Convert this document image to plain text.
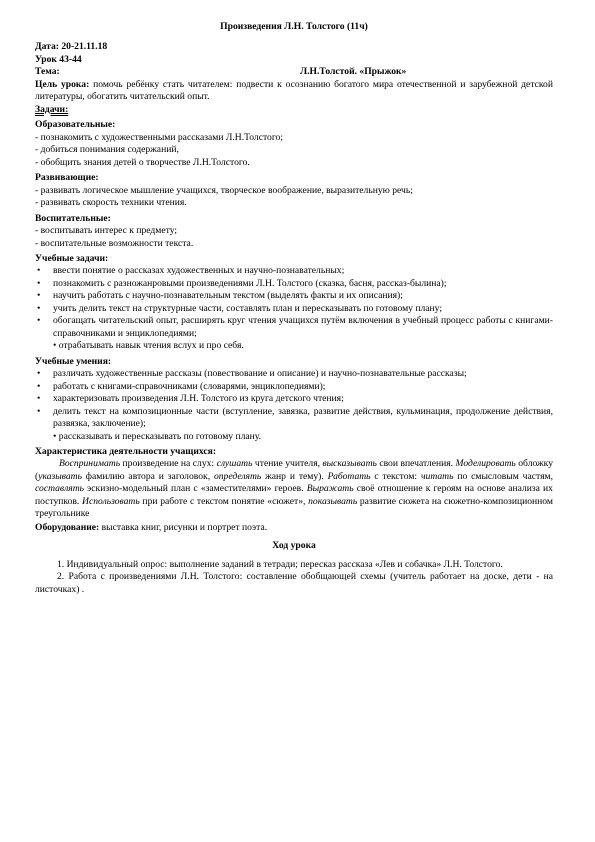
Произведения Л.Н. Толстого (11ч)

Дата: 20-21.11.18

Урок 43-44

Тема:	Л.Н.Толстой. «Прыжок»

Цель урока: помочь ребёнку стать читателем: подвести к осознанию богатого мира отечественной и зарубежной детской литературы, обогатить читательский опыт.

Задачи:

Образовательные:

- познакомить с художественными рассказами Л.Н.Толстого;

- добиться понимания содержаний,

- обобщить знания детей о творчестве Л.Н.Толстого.

Развивающие:

- развивать логическое мышление учащихся, творческое воображение, выразительную речь;

- развивать скорость техники чтения.

Воспитательные:

- воспитывать интерес к предмету;

- воспитательные возможности текста.

Учебные задачи:

• ввести понятие о рассказах художественных и научно-познавательных;

• познакомить с разножанровыми произведениями Л.Н. Толстого (сказка, басня, рассказ-былина);

• научить работать с научно-познавательным текстом (выделять факты и их описания);

• учить делить текст на структурные части, составлять план и пересказывать по готовому плану;

• обогащать читательский опыт, расширять круг чтения учащихся путём включения в учебный процесс работы с книгами-справочниками и энциклопедиями;

• отрабатывать навык чтения вслух и про себя.

Учебные умения:

• различать художественные рассказы (повествование и описание) и научно-познавательные рассказы;

• работать с книгами-справочниками (словарями, энциклопедиями);

• характеризовать произведения Л.Н. Толстого из круга детского чтения;

• делить текст на композиционные части (вступление, завязка, развитие действия, кульминация, продолжение действия, развязка, заключение);

• рассказывать и пересказывать по готовому плану.

Характеристика деятельности учащихся:

Воспринимать произведение на слух: слушать чтение учителя, высказывать свои впечатления. Моделировать обложку (указывать фамилию автора и заголовок, определять жанр и тему). Работать с текстом: читать по смысловым частям, составлять эскизно-модельный план с «заместителями» героев. Выражать своё отношение к героям на основе анализа их поступков. Использовать при работе с текстом понятие «сюжет», показывать развитие сюжета на сюжетно-композиционном треугольнике

Оборудование: выставка книг, рисунки и портрет поэта.

Ход урока

1. Индивидуальный опрос: выполнение заданий в тетради; пересказ рассказа «Лев и собачка» Л.Н. Толстого.

2. Работа с произведениями Л.Н. Толстого: составление обобщающей схемы (учитель работает на доске, дети - на листочках) .
